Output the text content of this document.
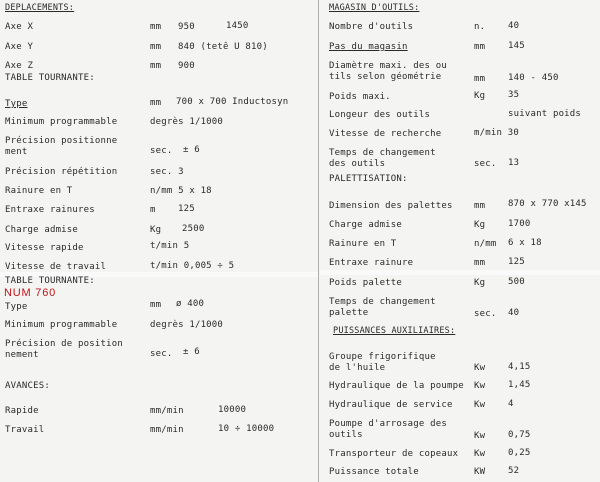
DEPLACEMENTS:
Axe X	mm 950	1450
Axe Y	mm 840 (tetê U 810)
Axe Z	mm 900
TABLE TOURNANTE:
Type	mm 700 x 700 Inductosyn
Minimum programmable	degrès 1/1000
Précision positionne
ment	sec. ± 6
Précision répétition	sec. 3
Rainure en T	n/mm 5 x 18
Entraxe rainures	m 125
Charge admise	Kg 2500
Vitesse rapide	t/min 5
Vitesse de travail	t/min 0,005 ÷ 5
TABLE TOURNANTE:
NUM 760
Type	mm ø 400
Minimum programmable	degrès 1/1000
Précision de position
nement	sec. ± 6
AVANCES:
Rapide	mm/min	10000
Travail	mm/min	10 ÷ 10000
MAGASIN D'OUTILS:
Nombre d'outils	n.	40
Pas du magasin	mm	145
Diamètre maxi. des ou
tils selon géométrie	mm	140 - 450
Poids maxi.	Kg	35
Longeur des outils	suivant poids
Vitesse de recherche	m/min 30
Temps de changement
des outils	sec. 13
PALETTISATION:
Dimension des palettes mm	870 x 770 x145
Charge admise	Kg	1700
Rainure en T	n/mm 6 x 18
Entraxe rainure	mm	125
Poids palette	Kg	500
Temps de changement
palette	sec. 40
PUISSANCES AUXILIAIRES:
Groupe frigorifique
de l'huile	Kw	4,15
Hydraulique de la poumpe Kw	1,45
Hydraulique de service Kw	4
Poumpe d'arrosage des
outils	Kw	0,75
Transporteur de copeaux Kw	0,25
Puissance totale	KW	52
